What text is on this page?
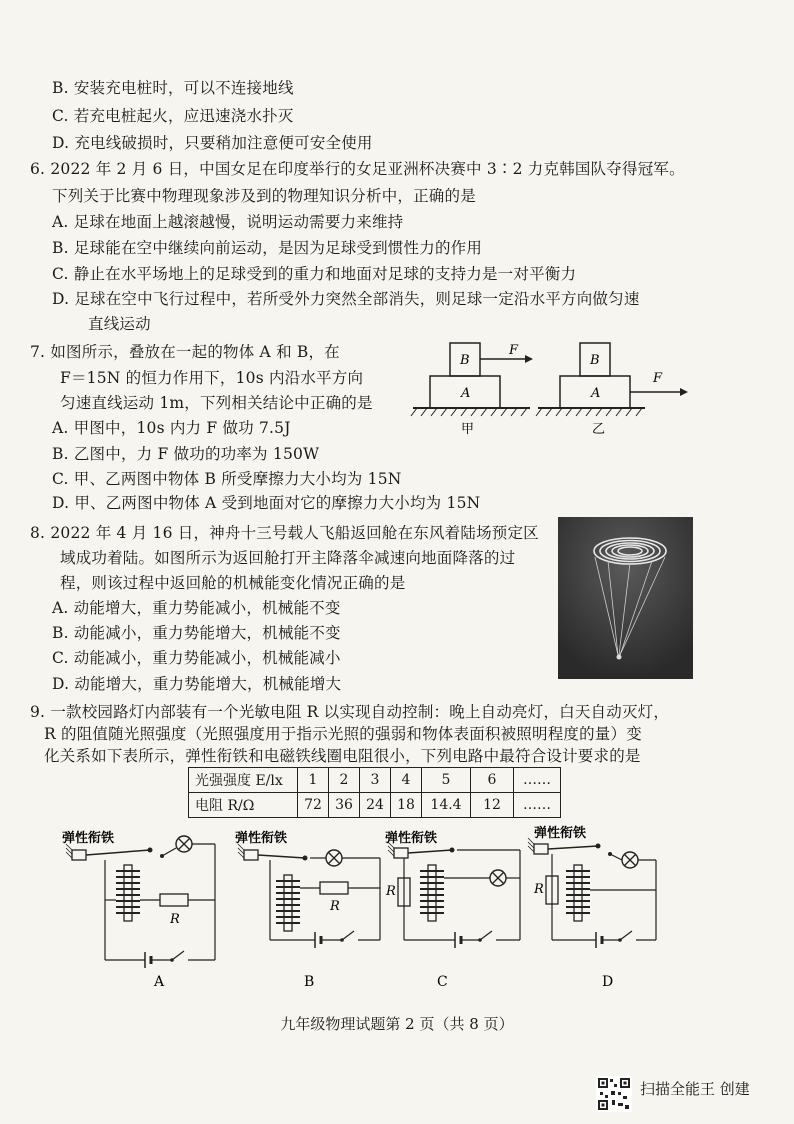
B. 安装充电桩时，可以不连接地线
C. 若充电桩起火，应迅速浇水扑灭
D. 充电线破损时，只要稍加注意便可安全使用
6. 2022 年 2 月 6 日，中国女足在印度举行的女足亚洲杯决赛中 3∶2 力克韩国队夺得冠军。
下列关于比赛中物理现象涉及到的物理知识分析中，正确的是
A. 足球在地面上越滚越慢，说明运动需要力来维持
B. 足球能在空中继续向前运动，是因为足球受到惯性力的作用
C. 静止在水平场地上的足球受到的重力和地面对足球的支持力是一对平衡力
D. 足球在空中飞行过程中，若所受外力突然全部消失，则足球一定沿水平方向做匀速
直线运动
7. 如图所示，叠放在一起的物体 A 和 B，在
F＝15N 的恒力作用下，10s 内沿水平方向
匀速直线运动 1m，下列相关结论中正确的是
A. 甲图中，10s 内力 F 做功 7.5J
B. 乙图中，力 F 做功的功率为 150W
C. 甲、乙两图中物体 B 所受摩擦力大小均为 15N
D. 甲、乙两图中物体 A 受到地面对它的摩擦力大小均为 15N
A
B
F
甲
A
B
F
乙
8. 2022 年 4 月 16 日，神舟十三号载人飞船返回舱在东风着陆场预定区
域成功着陆。如图所示为返回舱打开主降落伞减速向地面降落的过
程，则该过程中返回舱的机械能变化情况正确的是
A. 动能增大，重力势能减小，机械能不变
B. 动能减小，重力势能增大，机械能不变
C. 动能减小，重力势能减小，机械能减小
D. 动能增大，重力势能增大，机械能增大
9. 一款校园路灯内部装有一个光敏电阻 R 以实现自动控制：晚上自动亮灯，白天自动灭灯，
R 的阻值随光照强度（光照强度用于指示光照的强弱和物体表面积被照明程度的量）变
化关系如下表所示，弹性衔铁和电磁铁线圈电阻很小，下列电路中最符合设计要求的是
光强强度 E/lx	1	2	3	4	5	6	……
电阻 R/Ω	72	36	24	18	14.4	12	……
弹性衔铁
R
A
弹性衔铁
R
B
弹性衔铁
R
C
弹性衔铁
R
D
九年级物理试题第 2 页（共 8 页）
扫描全能王 创建
